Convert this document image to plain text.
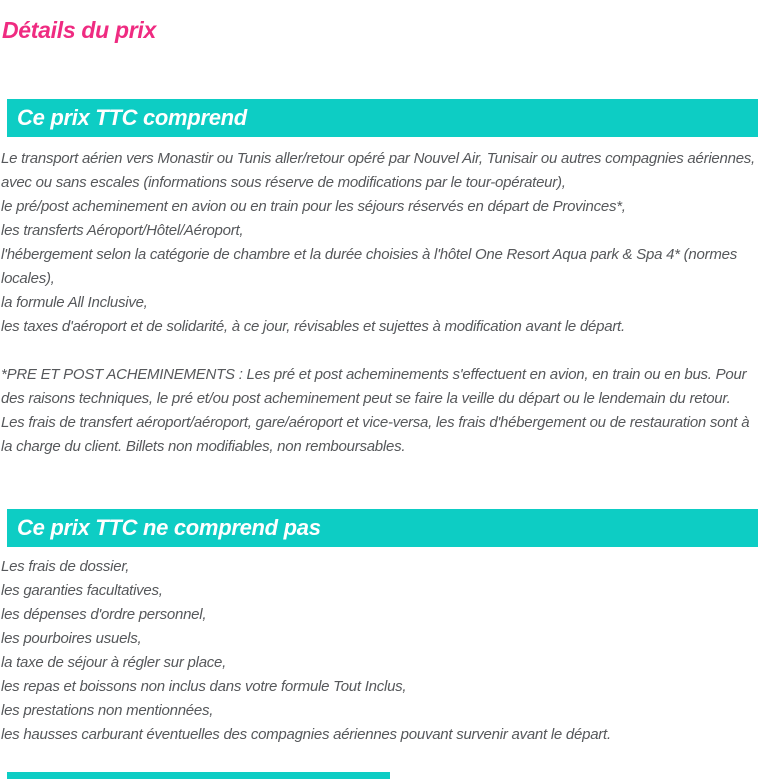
Détails du prix
Ce prix TTC comprend

Le transport aérien vers Monastir ou Tunis aller/retour opéré par Nouvel Air, Tunisair ou autres compagnies aériennes, avec ou sans escales (informations sous réserve de modifications par le tour-opérateur),

le pré/post acheminement en avion ou en train pour les séjours réservés en départ de Provinces*,

les transferts Aéroport/Hôtel/Aéroport,

l'hébergement selon la catégorie de chambre et la durée choisies à l'hôtel One Resort Aqua park & Spa 4* (normes locales),

la formule All Inclusive,

les taxes d'aéroport et de solidarité, à ce jour, révisables et sujettes à modification avant le départ.

*PRE ET POST ACHEMINEMENTS : Les pré et post acheminements s'effectuent en avion, en train ou en bus. Pour des raisons techniques, le pré et/ou post acheminement peut se faire la veille du départ ou le lendemain du retour. Les frais de transfert aéroport/aéroport, gare/aéroport et vice-versa, les frais d'hébergement ou de restauration sont à la charge du client. Billets non modifiables, non remboursables.

Ce prix TTC ne comprend pas

Les frais de dossier,

les garanties facultatives,

les dépenses d'ordre personnel,

les pourboires usuels,

la taxe de séjour à régler sur place,

les repas et boissons non inclus dans votre formule Tout Inclus,

les prestations non mentionnées,

les hausses carburant éventuelles des compagnies aériennes pouvant survenir avant le départ.
